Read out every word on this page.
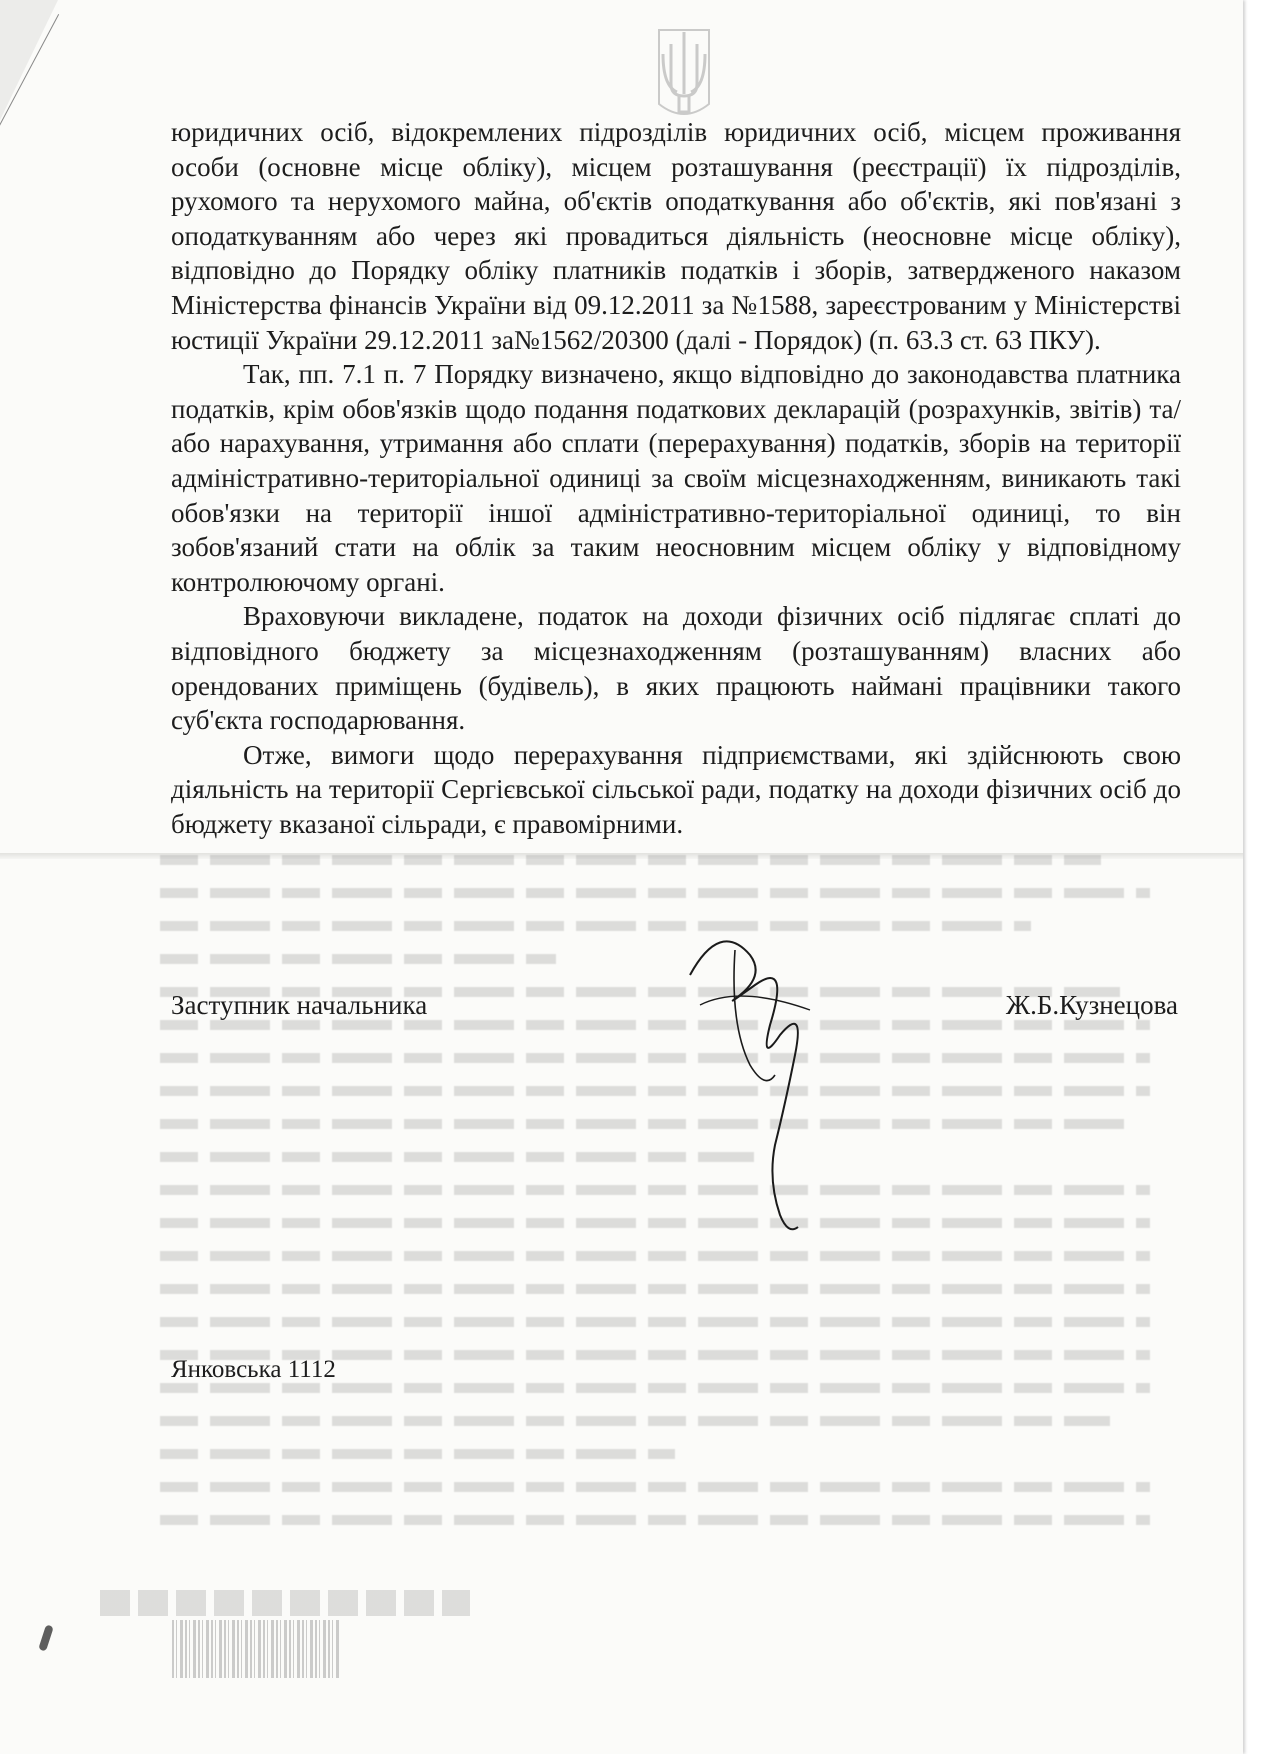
юридичних осіб, відокремлених підрозділів юридичних осіб, місцем проживання особи (основне місце обліку), місцем розташування (реєстрації) їх підрозділів, рухомого та нерухомого майна, об'єктів оподаткування або об'єктів, які пов'язані з оподаткуванням або через які провадиться діяльність (неосновне місце обліку), відповідно до Порядку обліку платників податків і зборів, затвердженого наказом Міністерства фінансів України від 09.12.2011 за №1588, зареєстрованим у Міністерстві юстиції України 29.12.2011 за№1562/20300 (далі - Порядок) (п. 63.3 ст. 63 ПКУ).

Так, пп. 7.1 п. 7 Порядку визначено, якщо відповідно до законодавства платника податків, крім обов'язків щодо подання податкових декларацій (розрахунків, звітів) та/або нарахування, утримання або сплати (перерахування) податків, зборів на території адміністративно-територіальної одиниці за своїм місцезнаходженням, виникають такі обов'язки на території іншої адміністративно-територіальної одиниці, то він зобов'язаний стати на облік за таким неосновним місцем обліку у відповідному контролюючому органі.

Враховуючи викладене, податок на доходи фізичних осіб підлягає сплаті до відповідного бюджету за місцезнаходженням (розташуванням) власних або орендованих приміщень (будівель), в яких працюють наймані працівники такого суб'єкта господарювання.

Отже, вимоги щодо перерахування підприємствами, які здійснюють свою діяльність на території Сергієвської сільської ради, податку на доходи фізичних осіб до бюджету вказаної сільради, є правомірними.

Заступник начальника	Ж.Б.Кузнецова
Янковська 1112
